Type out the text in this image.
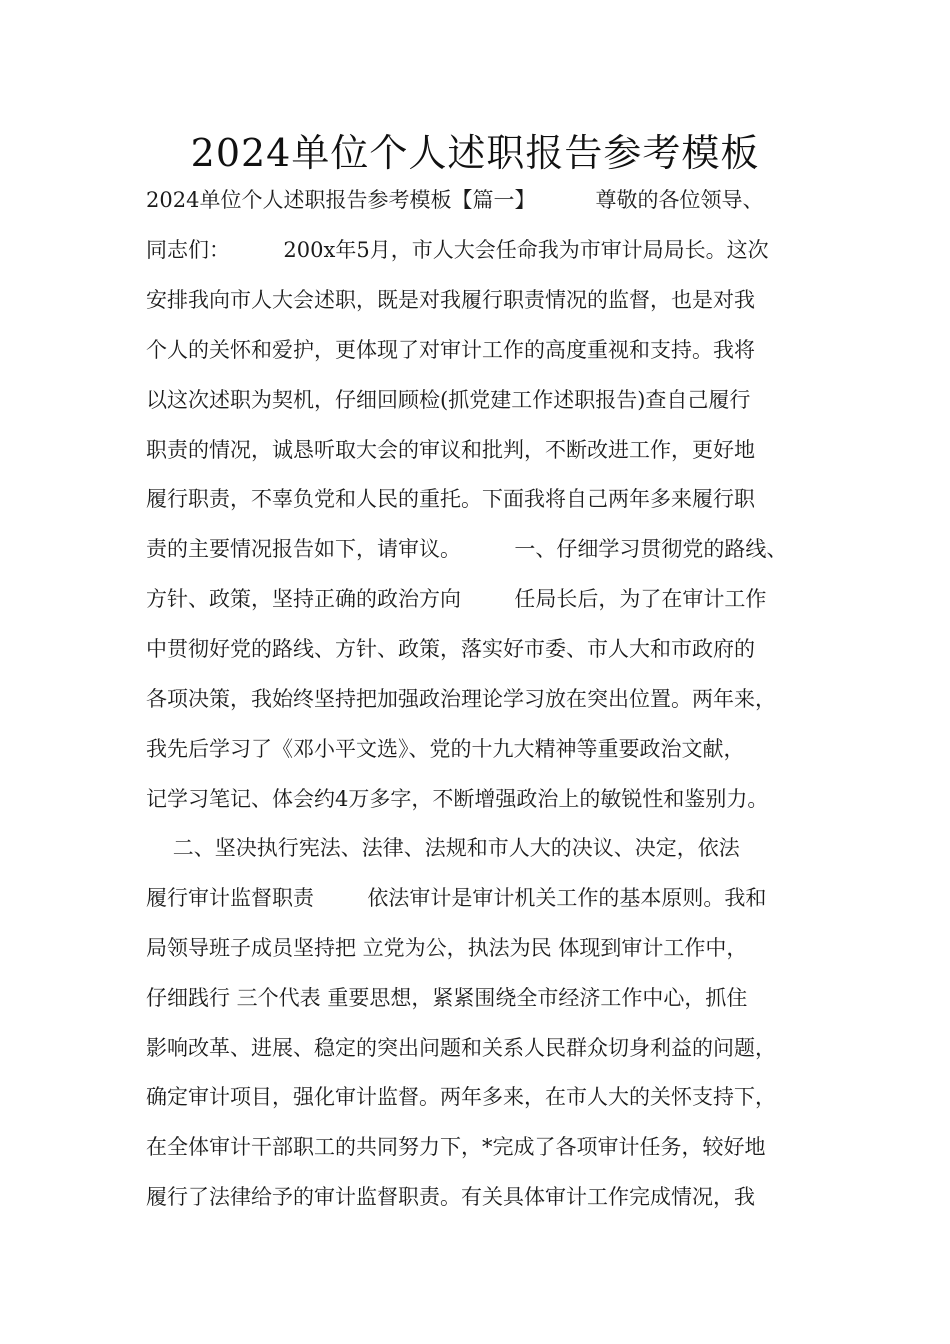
2024单位个人述职报告参考模板
2024单位个人述职报告参考模板【篇一】         尊敬的各位领导、
同志们：        200x年5月，市人大会任命我为市审计局局长。这次
安排我向市人大会述职，既是对我履行职责情况的监督，也是对我
个人的关怀和爱护，更体现了对审计工作的高度重视和支持。我将
以这次述职为契机，仔细回顾检(抓党建工作述职报告)查自己履行
职责的情况，诚恳听取大会的审议和批判，不断改进工作，更好地
履行职责，不辜负党和人民的重托。下面我将自己两年多来履行职
责的主要情况报告如下，请审议。        一、仔细学习贯彻党的路线、
方针、政策，坚持正确的政治方向        任局长后，为了在审计工作
中贯彻好党的路线、方针、政策，落实好市委、市人大和市政府的
各项决策，我始终坚持把加强政治理论学习放在突出位置。两年来，
我先后学习了《邓小平文选》、党的十九大精神等重要政治文献，
记学习笔记、体会约4万多字，不断增强政治上的敏锐性和鉴别力。
二、坚决执行宪法、法律、法规和市人大的决议、决定，依法
履行审计监督职责        依法审计是审计机关工作的基本原则。我和
局领导班子成员坚持把 立党为公，执法为民 体现到审计工作中，
仔细践行 三个代表 重要思想，紧紧围绕全市经济工作中心，抓住
影响改革、进展、稳定的突出问题和关系人民群众切身利益的问题，
确定审计项目，强化审计监督。两年多来，在市人大的关怀支持下，
在全体审计干部职工的共同努力下，*完成了各项审计任务，较好地
履行了法律给予的审计监督职责。有关具体审计工作完成情况，我
